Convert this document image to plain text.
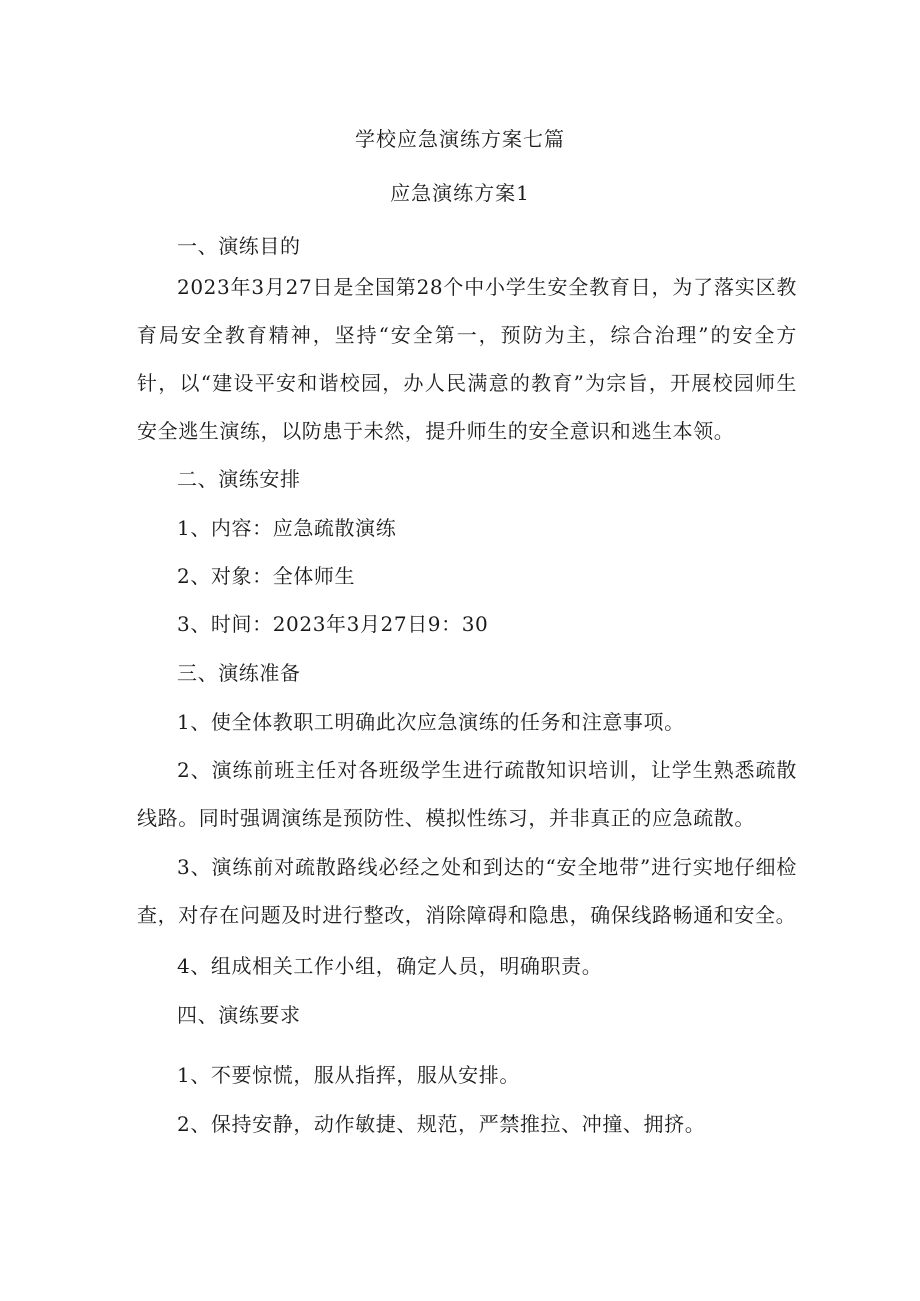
学校应急演练方案七篇
应急演练方案1

一、演练目的

2023年3月27日是全国第28个中小学生安全教育日，为了落实区教育局安全教育精神，坚持“安全第一，预防为主，综合治理”的安全方针，以“建设平安和谐校园，办人民满意的教育”为宗旨，开展校园师生安全逃生演练，以防患于未然，提升师生的安全意识和逃生本领。

二、演练安排

1、内容：应急疏散演练

2、对象：全体师生

3、时间：2023年3月27日9：30

三、演练准备

1、使全体教职工明确此次应急演练的任务和注意事项。

2、演练前班主任对各班级学生进行疏散知识培训，让学生熟悉疏散线路。同时强调演练是预防性、模拟性练习，并非真正的应急疏散。

3、演练前对疏散路线必经之处和到达的“安全地带”进行实地仔细检查，对存在问题及时进行整改，消除障碍和隐患，确保线路畅通和安全。

4、组成相关工作小组，确定人员，明确职责。

四、演练要求

1、不要惊慌，服从指挥，服从安排。

2、保持安静，动作敏捷、规范，严禁推拉、冲撞、拥挤。
